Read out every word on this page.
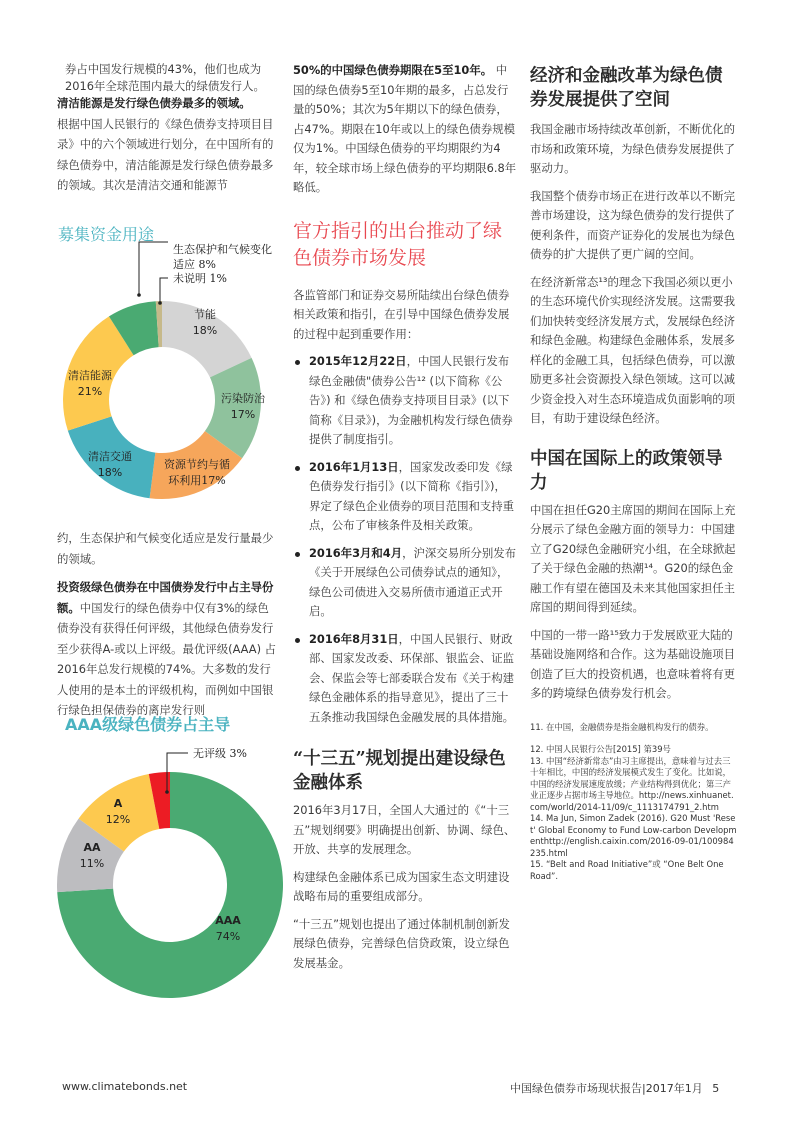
券占中国发行规模的43%，他们也成为
2016年全球范围内最大的绿债发行人。

清洁能源是发行绿色债券最多的领域。
根据中国人民银行的《绿色债券支持项目目录》中的六个领域进行划分，在中国所有的绿色债券中，清洁能源是发行绿色债券最多的领域。其次是清洁交通和能源节

募集资金用途
生态保护和气候变化
适应 8%
未说明 1%
节能
18%
污染防治
17%
资源节约与循
环利用17%
清洁交通
18%
清洁能源
21%

约，生态保护和气候变化适应是发行量最少的领域。

投资级绿色债券在中国债券发行中占主导份额。中国发行的绿色债券中仅有3%的绿色债券没有获得任何评级，其他绿色债券发行至少获得A-或以上评级。最优评级(AAA) 占2016年总发行规模的74%。大多数的发行人使用的是本土的评级机构，而例如中国银行绿色担保债券的离岸发行则

AAA级绿色债券占主导
无评级 3%
A
12%
AA
11%
AAA
74%

50%的中国绿色债券期限在5至10年。 中国的绿色债券5至10年期的最多，占总发行量的50%；其次为5年期以下的绿色债券，占47%。期限在10年或以上的绿色债券规模仅为1%。中国绿色债券的平均期限约为4年，较全球市场上绿色债券的平均期限6.8年略低。

官方指引的出台推动了绿色债券市场发展

各监管部门和证券交易所陆续出台绿色债券相关政策和指引，在引导中国绿色债券发展的过程中起到重要作用：

2015年12月22日，中国人民银行发布绿色金融债"债券公告¹² (以下简称《公告》) 和《绿色债券支持项目目录》(以下简称《目录》)，为金融机构发行绿色债券提供了制度指引。
2016年1月13日，国家发改委印发《绿色债券发行指引》(以下简称《指引》)，界定了绿色企业债券的项目范围和支持重点，公布了审核条件及相关政策。
2016年3月和4月，沪深交易所分别发布《关于开展绿色公司债券试点的通知》，绿色公司债进入交易所债市通道正式开启。
2016年8月31日，中国人民银行、财政部、国家发改委、环保部、银监会、证监会、保监会等七部委联合发布《关于构建绿色金融体系的指导意见》，提出了三十五条推动我国绿色金融发展的具体措施。
“十三五”规划提出建设绿色金融体系

2016年3月17日，全国人大通过的《“十三五”规划纲要》明确提出创新、协调、绿色、开放、共享的发展理念。

构建绿色金融体系已成为国家生态文明建设战略布局的重要组成部分。

“十三五”规划也提出了通过体制机制创新发展绿色债券，完善绿色信贷政策，设立绿色发展基金。

经济和金融改革为绿色债券发展提供了空间

我国金融市场持续改革创新，不断优化的市场和政策环境，为绿色债券发展提供了驱动力。

我国整个债券市场正在进行改革以不断完善市场建设，这为绿色债券的发行提供了便利条件，而资产证券化的发展也为绿色债券的扩大提供了更广阔的空间。

在经济新常态¹³的理念下我国必须以更小的生态环境代价实现经济发展。这需要我们加快转变经济发展方式，发展绿色经济和绿色金融。构建绿色金融体系，发展多样化的金融工具，包括绿色债券，可以激励更多社会资源投入绿色领域。这可以减少资金投入对生态环境造成负面影响的项目，有助于建设绿色经济。

中国在国际上的政策领导力

中国在担任G20主席国的期间在国际上充分展示了绿色金融方面的领导力：中国建立了G20绿色金融研究小组，在全球掀起了关于绿色金融的热潮¹⁴。G20的绿色金融工作有望在德国及未来其他国家担任主席国的期间得到延续。

中国的一带一路¹⁵致力于发展欧亚大陆的基础设施网络和合作。这为基础设施项目创造了巨大的投资机遇，也意味着将有更多的跨境绿色债券发行机会。

11. 在中国，金融债券是指金融机构发行的债券。
12. 中国人民银行公告[2015] 第39号
13. 中国“经济新常态”由习主席提出，意味着与过去三十年相比，中国的经济发展模式发生了变化。比如说，中国的经济发展速度放缓；产业结构得到优化；第三产业正逐步占据市场主导地位。http://news.xinhuanet.com/world/2014-11/09/c_1113174791_2.htm
14. Ma Jun, Simon Zadek (2016). G20 Must 'Reset' Global Economy to Fund Low-carbon Developmenthttp://english.caixin.com/2016-09-01/100984235.html
15. “Belt and Road Initiative”或 “One Belt One Road”.
www.climatebonds.net	中国绿色债券市场现状报告|2017年1月 5
